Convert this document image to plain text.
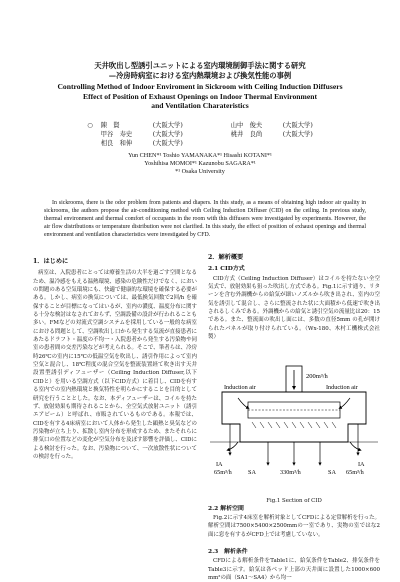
天井吹出し型誘引ユニットによる室内環境制御手法に関する研究
—冷房時病室における室内熱環境および換気性能の事例
Controlling Method of Indoor Enviroment in Sickroom with Ceiling Induction Diffusers
Effect of Position of Exhaust Openings on Indoor Thermal Environment
and Ventilation Charateristics
○	陳　賢	(大阪大学)	山中　俊夫	(大阪大学)
	甲谷　寿史	(大阪大学)	桃井　良尚	(大阪大学)
	相良　和伸	(大阪大学)		
Yun CHEN*¹ Toshio YAMANAKA*¹ Hisashi KOTANI*¹
Yoshihisa MOMOI*¹ Kazunobu SAGARA*¹
*¹ Osaka University
In sickrooms, there is the odor problem from patients and diapers. In this study, as a means of obtaining high indoor air quality in sickrooms, the authors propose the air-conditioning method with Ceiling Induction Diffuser (CID) on the ceiling. In previous study, thermal environment and thermal comfort of occupants in the room with this diffusers were investigated by experiments. However, the air flow distributions or temperature distribution were not clarified. In this study, the effect of position of exhaust openings and thermal environment and ventilation characteristics were investigated by CFD.
1．はじめに

病室は、入院患者にとっては療養生活の大半を過ごす空間となるため、温冷感をもえる温熱環境、感染の危険性だけでなく、においの問題のある空気環境にも、快適で健康的な環境を確保する必要がある。しかし、病室の換気については、最低換気回数で2回/h を確保することが目標になってはいるが、室内の濃度、温度分布に関する十分な検討はなされておらず、空調設備の設計が行われることも多い。FMなどの対流式空調システムを採用している一般的な病室における問題として、空調吹出し口から発生する気流が直接患者にあたるドラフト・温度の不均一・入院患者から発生する汚染物や同室の患者間の交差汚染などが考えられる。そこで、筆者らは、冷房時26℃の室内に15℃の低温空気を吹出し、誘引作用によって室内空気と混合し、18℃程度の混合空気を整流装置経て吹き出す天井設置型誘引ディフューザー（Ceiling Induction Diffuser,以下CIDと）を用いる空調方式（以下CID方式）に着目し、CIDを有する室内での室内熱環境と換気特性を明らかにすることを目的として研究を行うこととした。なお、本ディフューザーは、コイルを持たず、放射効果も期待されることから、全空気式放射ユニット（誘引エアビーム）と呼ばれ、市販されているものである。本報では、CIDを有する4床病室において人体から発生した顕熱と臭気などの汚染物が立ち上り、拡散し室内分布を形成するため、またそれらに排気口の位置などの変化が空気分布を及ぼす影響を評価し、CIDによる検討を行った。なお、汚染物について、一次放散性状についての検討を行った。

2．解析概要
2.1 CID方式

CID方式（Ceiling Induction Diffuser）はコイルを持たない全空気式で、放射効果も狙った吹出し方式である。Fig.1に示す通り、リターンを含む外調機からの給気が細いノズルから吹き出され、室内の空気を誘引して混合し、さらに整流された状に大面積から低速で吹き出されるしくみである。外調機からの給気と誘引空気の流量比は20：15である。また、整流面の吹出し面には、多数の直径5mm の孔が開けられたパネルが取り付けられている。（Wx-180、木村工機株式会社製）

200m³/h
Induction air	Induction air
IA
65m³/h	SA	330m³/h	SA
IA
65m³/h
Fig.1 Section of CID
2.2 解析空間

Fig.2に示す4床室を解析対象としてCFDによる定常解析を行った。解析空間は7500×5400×2500mmの一室であり、実物の室ではな2面に窓を有するがCFD上では考慮していない。

2.3　解析条件

CFDによる解析条件をTable1に、給気条件をTable2、排気条件をTable3に示す。給気は各ベッド上部の天井面に設置した1000×600 mm²の面（SA1～SA4）から均一
